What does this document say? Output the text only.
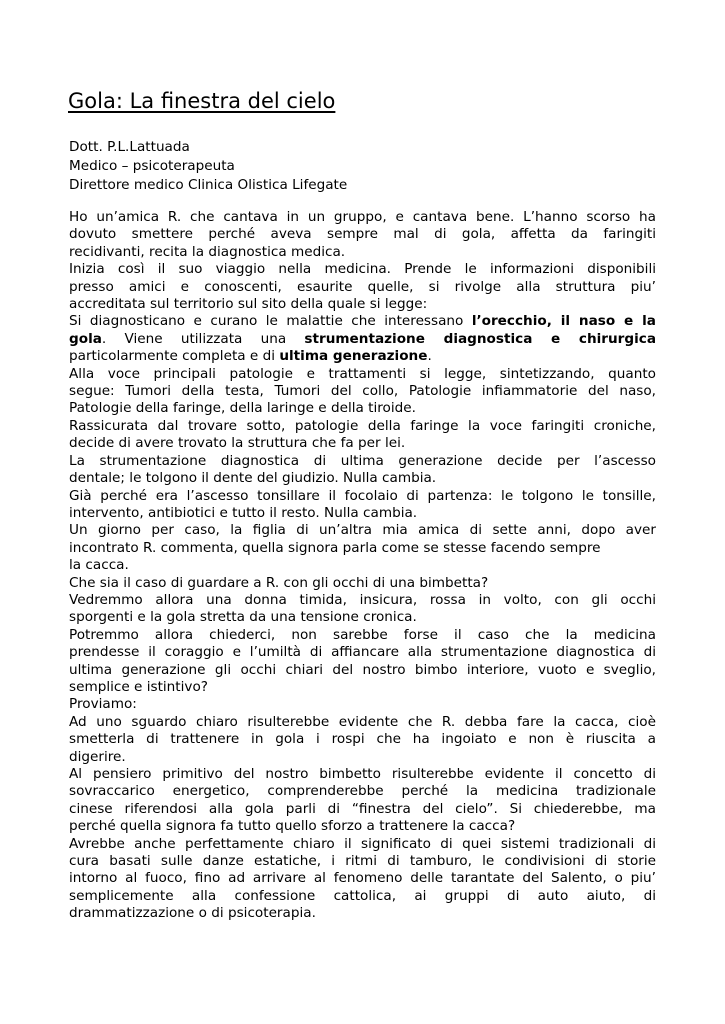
Gola: La finestra del cielo
Dott. P.L.Lattuada
Medico – psicoterapeuta
Direttore medico Clinica Olistica Lifegate
Ho un’amica R. che cantava in un gruppo, e cantava bene. L’hanno scorso ha
dovuto smettere perché aveva sempre mal di gola, affetta da faringiti
recidivanti, recita la diagnostica medica.
Inizia così il suo viaggio nella medicina. Prende le informazioni disponibili
presso amici e conoscenti, esaurite quelle, si rivolge alla struttura piu’
accreditata sul territorio sul sito della quale si legge:
Si diagnosticano e curano le malattie che interessano l’orecchio, il naso e la
gola. Viene utilizzata una strumentazione diagnostica e chirurgica
particolarmente completa e di ultima generazione.
Alla voce principali patologie e trattamenti si legge, sintetizzando, quanto
segue: Tumori della testa, Tumori del collo, Patologie infiammatorie del naso,
Patologie della faringe, della laringe e della tiroide.
Rassicurata dal trovare sotto, patologie della faringe la voce faringiti croniche,
decide di avere trovato la struttura che fa per lei.
La strumentazione diagnostica di ultima generazione decide per l’ascesso
dentale; le tolgono il dente del giudizio. Nulla cambia.
Già perché era l’ascesso tonsillare il focolaio di partenza: le tolgono le tonsille,
intervento, antibiotici e tutto il resto. Nulla cambia.
Un giorno per caso, la figlia di un’altra mia amica di sette anni, dopo aver
incontrato R. commenta, quella signora parla come se stesse facendo sempre
la cacca.
Che sia il caso di guardare a R. con gli occhi di una bimbetta?
Vedremmo allora una donna timida, insicura, rossa in volto, con gli occhi
sporgenti e la gola stretta da una tensione cronica.
Potremmo allora chiederci, non sarebbe forse il caso che la medicina
prendesse il coraggio e l’umiltà di affiancare alla strumentazione diagnostica di
ultima generazione gli occhi chiari del nostro bimbo interiore, vuoto e sveglio,
semplice e istintivo?
Proviamo:
Ad uno sguardo chiaro risulterebbe evidente che R. debba fare la cacca, cioè
smetterla di trattenere in gola i rospi che ha ingoiato e non è riuscita a
digerire.
Al pensiero primitivo del nostro bimbetto risulterebbe evidente il concetto di
sovraccarico energetico, comprenderebbe perché la medicina tradizionale
cinese riferendosi alla gola parli di “finestra del cielo”. Si chiederebbe, ma
perché quella signora fa tutto quello sforzo a trattenere la cacca?
Avrebbe anche perfettamente chiaro il significato di quei sistemi tradizionali di
cura basati sulle danze estatiche, i ritmi di tamburo, le condivisioni di storie
intorno al fuoco, fino ad arrivare al fenomeno delle tarantate del Salento, o piu’
semplicemente alla confessione cattolica, ai gruppi di auto aiuto, di
drammatizzazione o di psicoterapia.
